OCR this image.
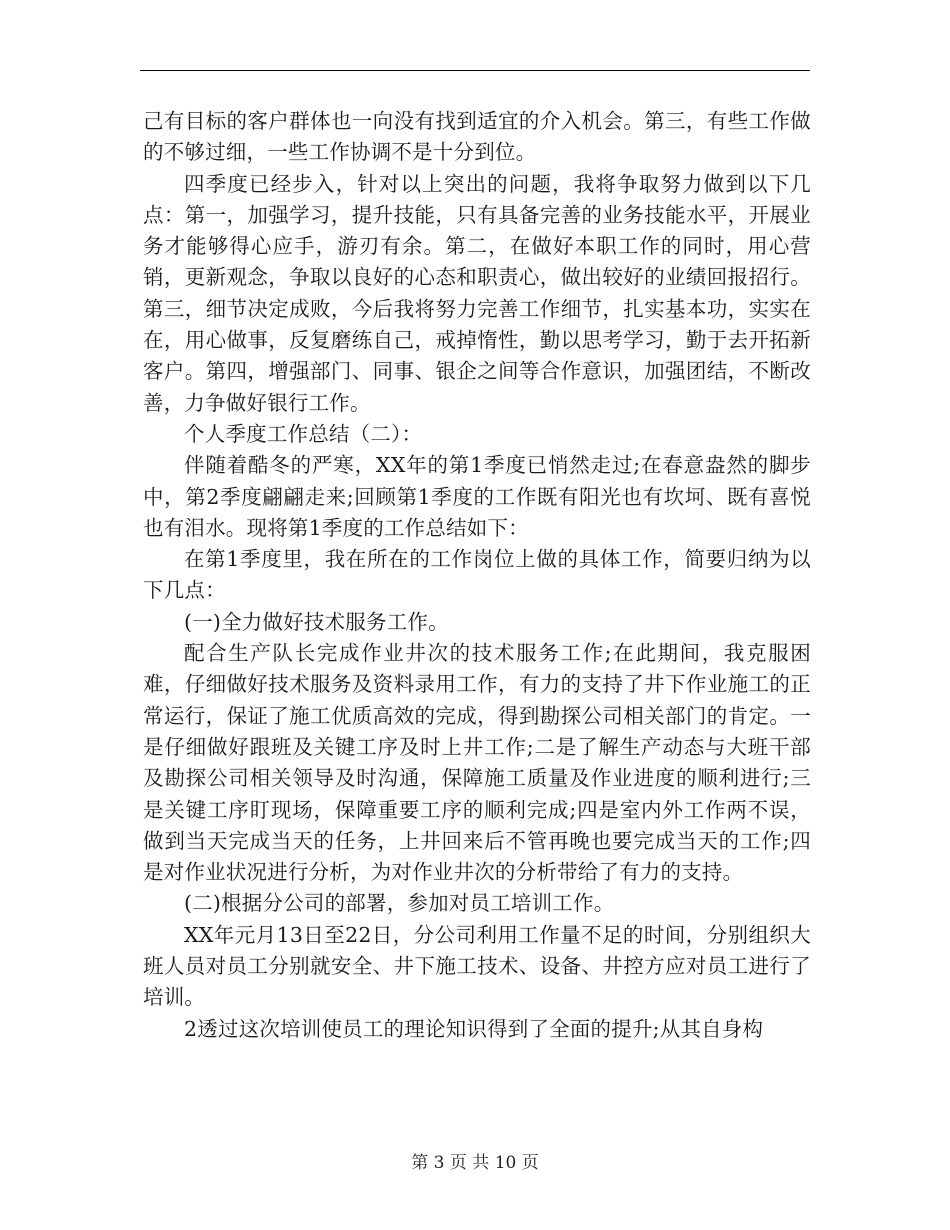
己有目标的客户群体也一向没有找到适宜的介入机会。第三，有些工作做的不够过细，一些工作协调不是十分到位。

四季度已经步入，针对以上突出的问题，我将争取努力做到以下几点：第一，加强学习，提升技能，只有具备完善的业务技能水平，开展业务才能够得心应手，游刃有余。第二，在做好本职工作的同时，用心营销，更新观念，争取以良好的心态和职责心，做出较好的业绩回报招行。第三，细节决定成败，今后我将努力完善工作细节，扎实基本功，实实在在，用心做事，反复磨练自己，戒掉惰性，勤以思考学习，勤于去开拓新客户。第四，增强部门、同事、银企之间等合作意识，加强团结，不断改善，力争做好银行工作。

个人季度工作总结（二）：

伴随着酷冬的严寒，XX年的第1季度已悄然走过;在春意盎然的脚步中，第2季度翩翩走来;回顾第1季度的工作既有阳光也有坎坷、既有喜悦也有泪水。现将第1季度的工作总结如下：

在第1季度里，我在所在的工作岗位上做的具体工作，简要归纳为以下几点：

(一)全力做好技术服务工作。

配合生产队长完成作业井次的技术服务工作;在此期间，我克服困难，仔细做好技术服务及资料录用工作，有力的支持了井下作业施工的正常运行，保证了施工优质高效的完成，得到勘探公司相关部门的肯定。一是仔细做好跟班及关键工序及时上井工作;二是了解生产动态与大班干部及勘探公司相关领导及时沟通，保障施工质量及作业进度的顺利进行;三是关键工序盯现场，保障重要工序的顺利完成;四是室内外工作两不误，做到当天完成当天的任务，上井回来后不管再晚也要完成当天的工作;四是对作业状况进行分析，为对作业井次的分析带给了有力的支持。

(二)根据分公司的部署，参加对员工培训工作。

XX年元月13日至22日，分公司利用工作量不足的时间，分别组织大班人员对员工分别就安全、井下施工技术、设备、井控方应对员工进行了培训。

2透过这次培训使员工的理论知识得到了全面的提升;从其自身构

第 3 页 共 10 页
